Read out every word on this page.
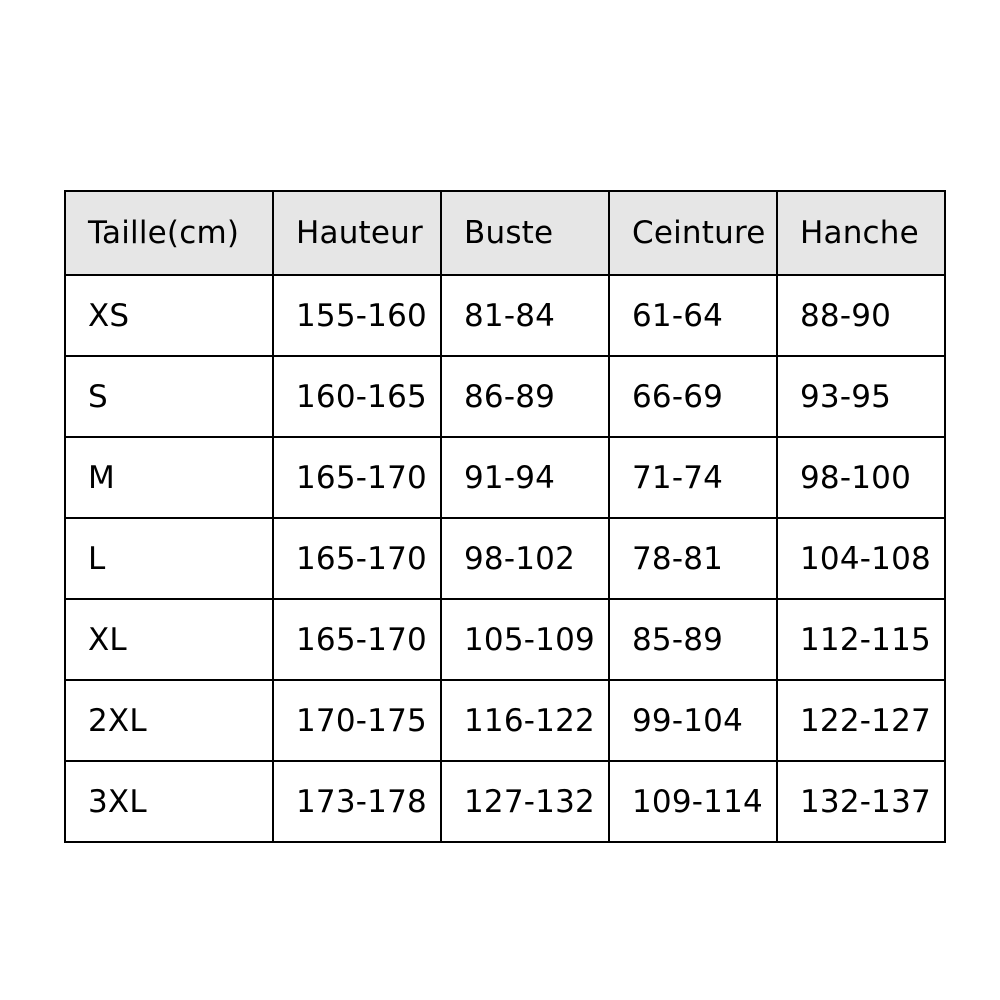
Taille(cm)	Hauteur	Buste	Ceinture	Hanche
XS	155-160	81-84	61-64	88-90
S	160-165	86-89	66-69	93-95
M	165-170	91-94	71-74	98-100
L	165-170	98-102	78-81	104-108
XL	165-170	105-109	85-89	112-115
2XL	170-175	116-122	99-104	122-127
3XL	173-178	127-132	109-114	132-137
